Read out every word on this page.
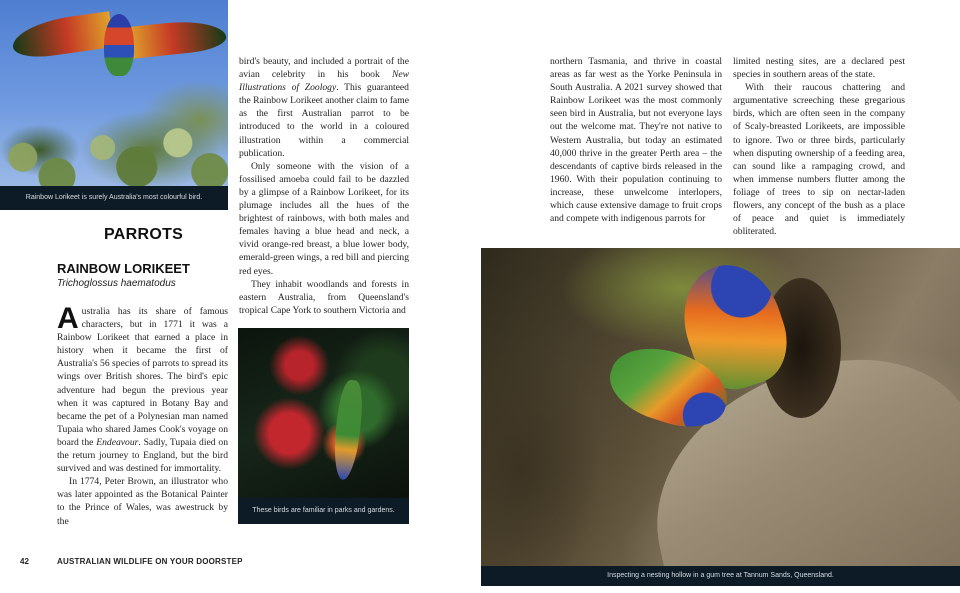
Rainbow Lorikeet is surely Australia's most colourful bird.
PARROTS
RAINBOW LORIKEET
Trichoglossus haematodus

Australia has its share of famous characters, but in 1771 it was a Rainbow Lorikeet that earned a place in history when it became the first of Australia's 56 species of parrots to spread its wings over British shores. The bird's epic adventure had begun the previous year when it was captured in Botany Bay and became the pet of a Polynesian man named Tupaia who shared James Cook's voyage on board the Endeavour. Sadly, Tupaia died on the return journey to England, but the bird survived and was destined for immortality.

In 1774, Peter Brown, an illustrator who was later appointed as the Botanical Painter to the Prince of Wales, was awestruck by the

bird's beauty, and included a portrait of the avian celebrity in his book New Illustrations of Zoology. This guaranteed the Rainbow Lorikeet another claim to fame as the first Australian parrot to be introduced to the world in a coloured illustration within a commercial publication.

Only someone with the vision of a fossilised amoeba could fail to be dazzled by a glimpse of a Rainbow Lorikeet, for its plumage includes all the hues of the brightest of rainbows, with both males and females having a blue head and neck, a vivid orange-red breast, a blue lower body, emerald-green wings, a red bill and piercing red eyes.

They inhabit woodlands and forests in eastern Australia, from Queensland's tropical Cape York to southern Victoria and

These birds are familiar in parks and gardens.

northern Tasmania, and thrive in coastal areas as far west as the Yorke Peninsula in South Australia. A 2021 survey showed that Rainbow Lorikeet was the most commonly seen bird in Australia, but not everyone lays out the welcome mat. They're not native to Western Australia, but today an estimated 40,000 thrive in the greater Perth area – the descendants of captive birds released in the 1960. With their population continuing to increase, these unwelcome interlopers, which cause extensive damage to fruit crops and compete with indigenous parrots for

limited nesting sites, are a declared pest species in southern areas of the state.

With their raucous chattering and argumentative screeching these gregarious birds, which are often seen in the company of Scaly-breasted Lorikeets, are impossible to ignore. Two or three birds, particularly when disputing ownership of a feeding area, can sound like a rampaging crowd, and when immense numbers flutter among the foliage of trees to sip on nectar-laden flowers, any concept of the bush as a place of peace and quiet is immediately obliterated.

Inspecting a nesting hollow in a gum tree at Tannum Sands, Queensland.
42	AUSTRALIAN WILDLIFE ON YOUR DOORSTEP
